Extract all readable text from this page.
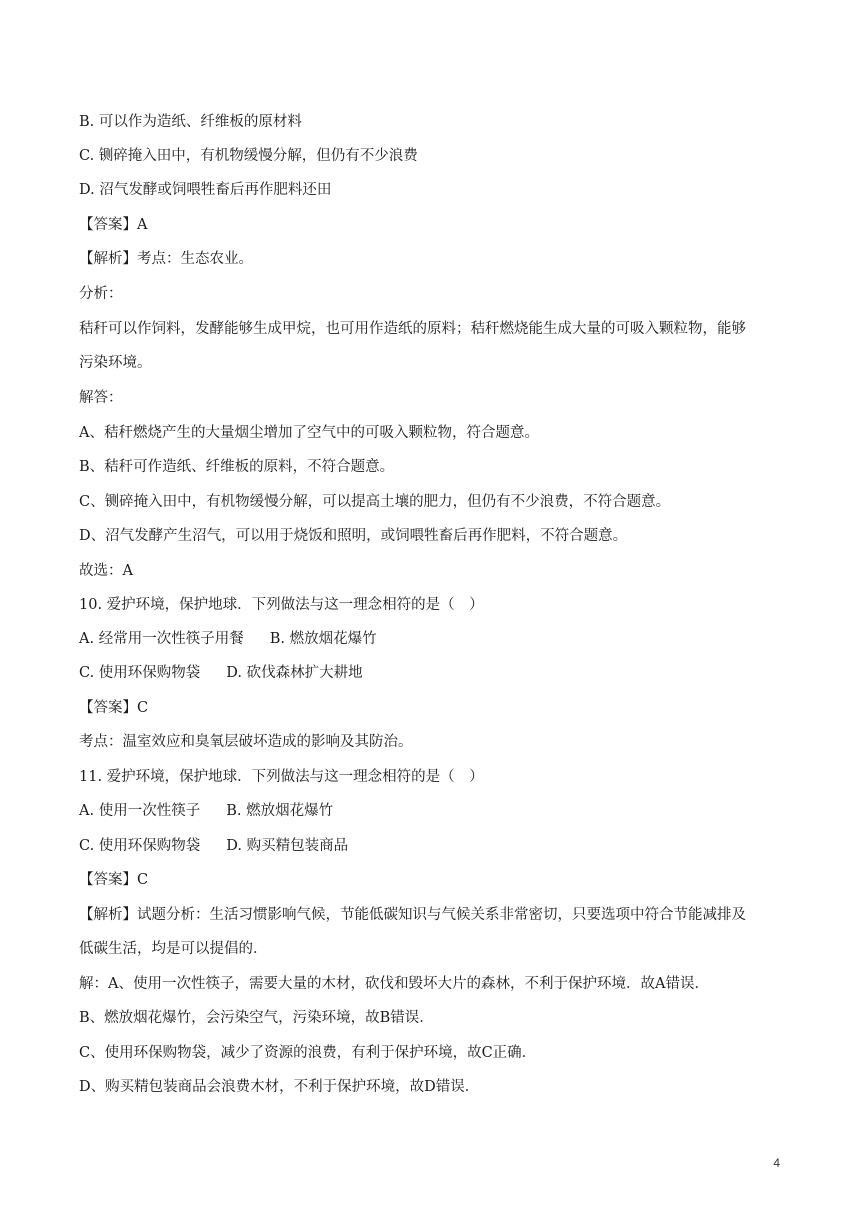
B. 可以作为造纸、纤维板的原材料
C. 铡碎掩入田中，有机物缓慢分解，但仍有不少浪费
D. 沼气发酵或饲喂牲畜后再作肥料还田
【答案】A
【解析】考点：生态农业。
分析：
秸秆可以作饲料，发酵能够生成甲烷，也可用作造纸的原料；秸秆燃烧能生成大量的可吸入颗粒物，能够
污染环境。
解答：
A、秸秆燃烧产生的大量烟尘增加了空气中的可吸入颗粒物，符合题意。
B、秸秆可作造纸、纤维板的原料，不符合题意。
C、铡碎掩入田中，有机物缓慢分解，可以提高土壤的肥力，但仍有不少浪费，不符合题意。
D、沼气发酵产生沼气，可以用于烧饭和照明，或饲喂牲畜后再作肥料，不符合题意。
故选：A
10. 爱护环境，保护地球．下列做法与这一理念相符的是（　）
A. 经常用一次性筷子用餐 B. 燃放烟花爆竹
C. 使用环保购物袋 D. 砍伐森林扩大耕地
【答案】C
考点：温室效应和臭氧层破坏造成的影响及其防治。
11. 爱护环境，保护地球．下列做法与这一理念相符的是（　）
A. 使用一次性筷子 B. 燃放烟花爆竹
C. 使用环保购物袋 D. 购买精包装商品
【答案】C
【解析】试题分析：生活习惯影响气候，节能低碳知识与气候关系非常密切，只要选项中符合节能减排及
低碳生活，均是可以提倡的．
解：A、使用一次性筷子，需要大量的木材，砍伐和毁坏大片的森林，不利于保护环境．故A错误．
B、燃放烟花爆竹，会污染空气，污染环境，故B错误．
C、使用环保购物袋，减少了资源的浪费，有利于保护环境，故C正确．
D、购买精包装商品会浪费木材，不利于保护环境，故D错误．
4
